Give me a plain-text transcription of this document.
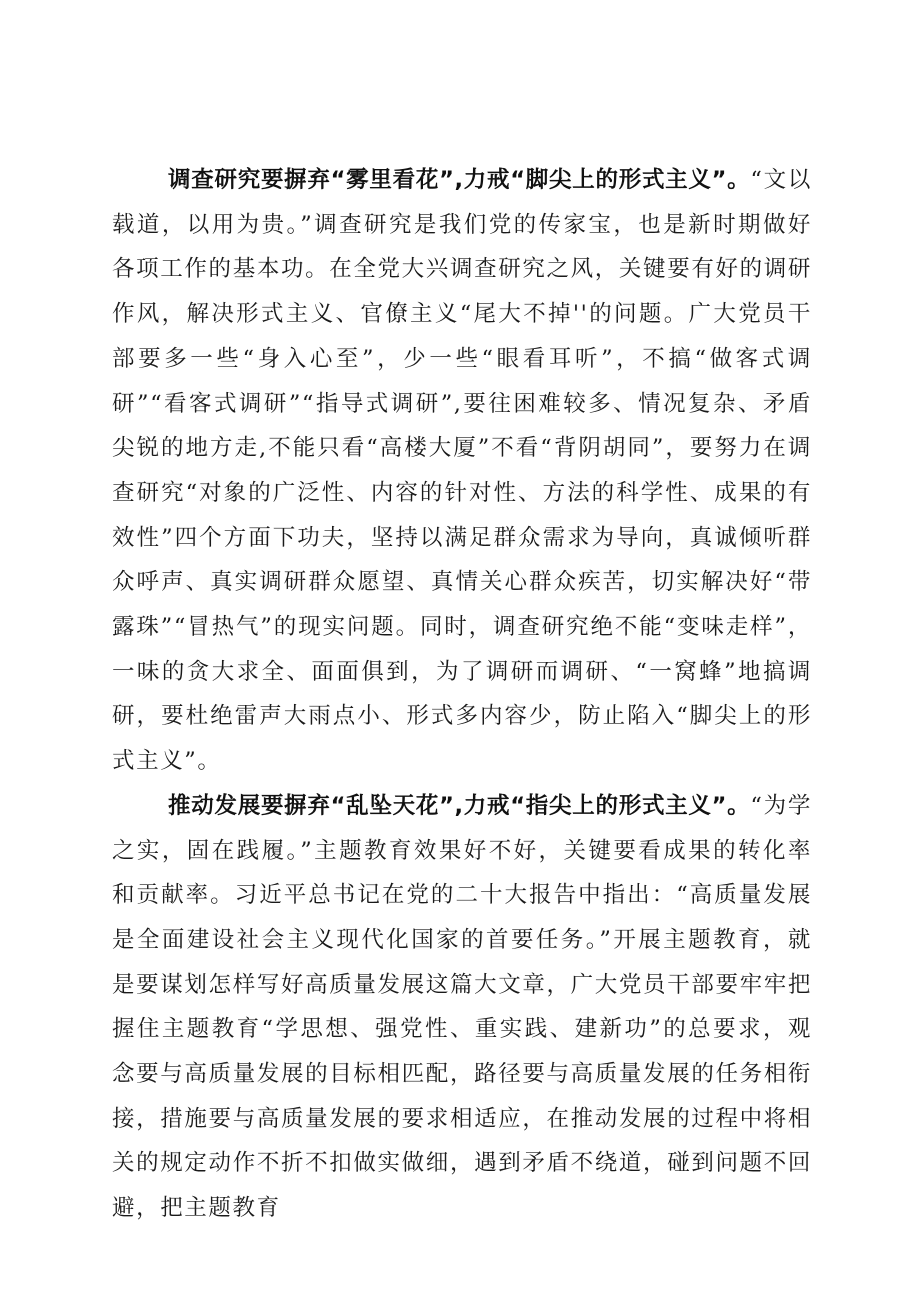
调查研究要摒弃“雾里看花”,力戒“脚尖上的形式主义”。“文以载道，以用为贵。”调查研究是我们党的传家宝，也是新时期做好各项工作的基本功。在全党大兴调查研究之风，关键要有好的调研作风，解决形式主义、官僚主义“尾大不掉''的问题。广大党员干部要多一些“身入心至”，少一些“眼看耳听”，不搞“做客式调研”“看客式调研”“指导式调研”,要往困难较多、情况复杂、矛盾尖锐的地方走,不能只看“高楼大厦”不看“背阴胡同”，要努力在调查研究“对象的广泛性、内容的针对性、方法的科学性、成果的有效性”四个方面下功夫，坚持以满足群众需求为导向，真诚倾听群众呼声、真实调研群众愿望、真情关心群众疾苦，切实解决好“带露珠”“冒热气”的现实问题。同时，调查研究绝不能“变味走样”，一味的贪大求全、面面俱到，为了调研而调研、“一窝蜂”地搞调研，要杜绝雷声大雨点小、形式多内容少，防止陷入“脚尖上的形式主义”。

推动发展要摒弃“乱坠天花”,力戒“指尖上的形式主义”。“为学之实，固在践履。”主题教育效果好不好，关键要看成果的转化率和贡献率。习近平总书记在党的二十大报告中指出：“高质量发展是全面建设社会主义现代化国家的首要任务。”开展主题教育，就是要谋划怎样写好高质量发展这篇大文章，广大党员干部要牢牢把握住主题教育“学思想、强党性、重实践、建新功”的总要求，观念要与高质量发展的目标相匹配，路径要与高质量发展的任务相衔接，措施要与高质量发展的要求相适应，在推动发展的过程中将相关的规定动作不折不扣做实做细，遇到矛盾不绕道，碰到问题不回避，把主题教育
